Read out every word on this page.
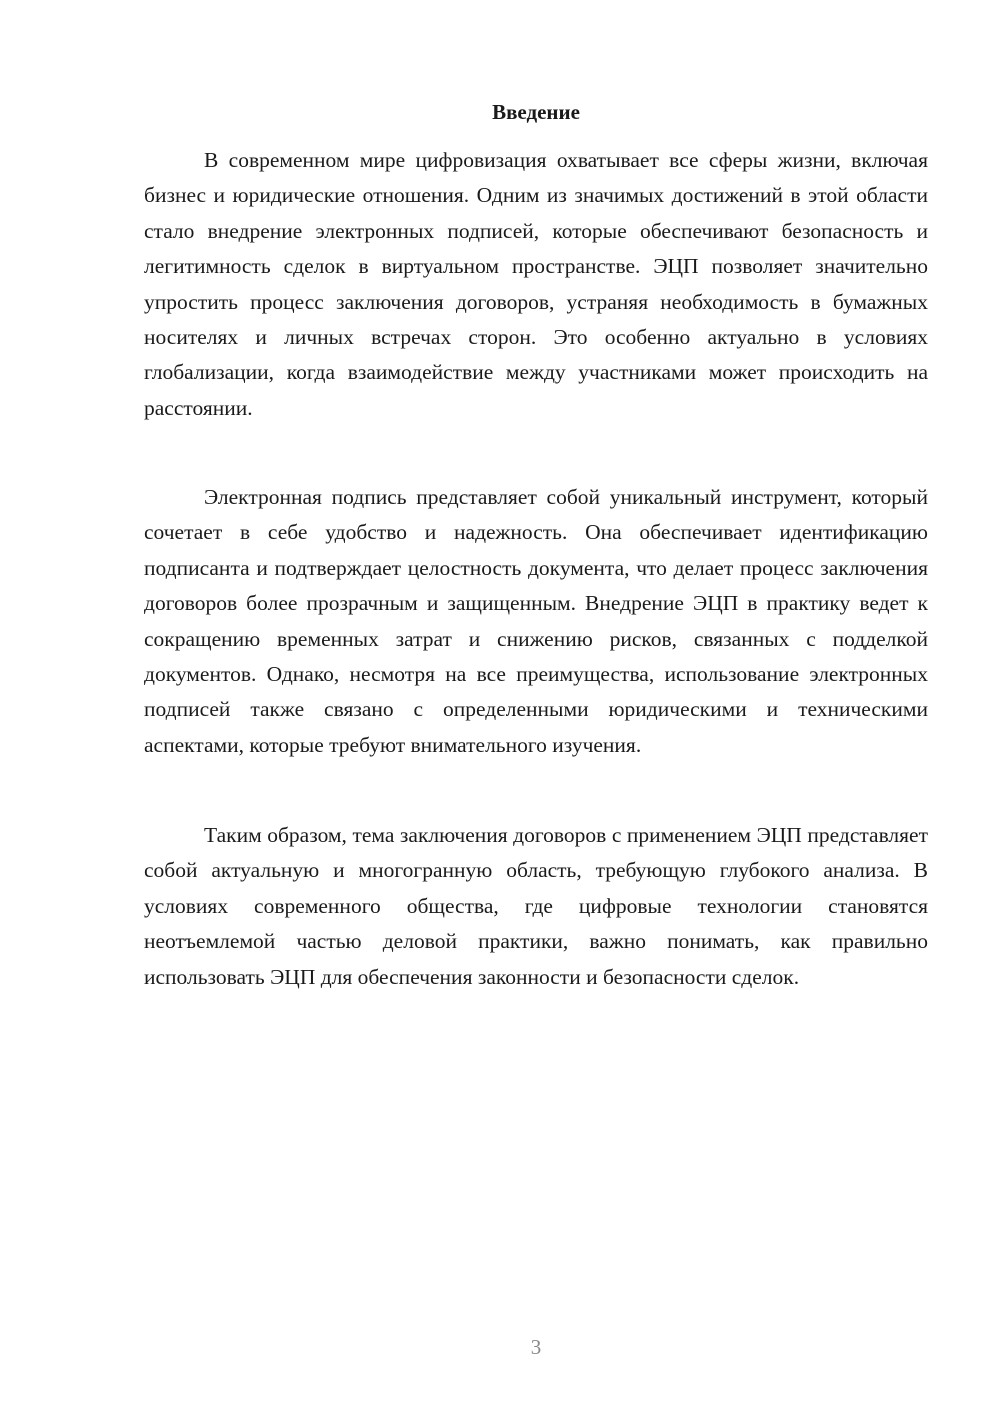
Введение

В современном мире цифровизация охватывает все сферы жизни, включая бизнес и юридические отношения. Одним из значимых достижений в этой области стало внедрение электронных подписей, которые обеспечивают безопасность и легитимность сделок в виртуальном пространстве. ЭЦП позволяет значительно упростить процесс заключения договоров, устраняя необходимость в бумажных носителях и личных встречах сторон. Это особенно актуально в условиях глобализации, когда взаимодействие между участниками может происходить на расстоянии.

Электронная подпись представляет собой уникальный инструмент, который сочетает в себе удобство и надежность. Она обеспечивает идентификацию подписанта и подтверждает целостность документа, что делает процесс заключения договоров более прозрачным и защищенным. Внедрение ЭЦП в практику ведет к сокращению временных затрат и снижению рисков, связанных с подделкой документов. Однако, несмотря на все преимущества, использование электронных подписей также связано с определенными юридическими и техническими аспектами, которые требуют внимательного изучения.

Таким образом, тема заключения договоров с применением ЭЦП представляет собой актуальную и многогранную область, требующую глубокого анализа. В условиях современного общества, где цифровые технологии становятся неотъемлемой частью деловой практики, важно понимать, как правильно использовать ЭЦП для обеспечения законности и безопасности сделок.

3
